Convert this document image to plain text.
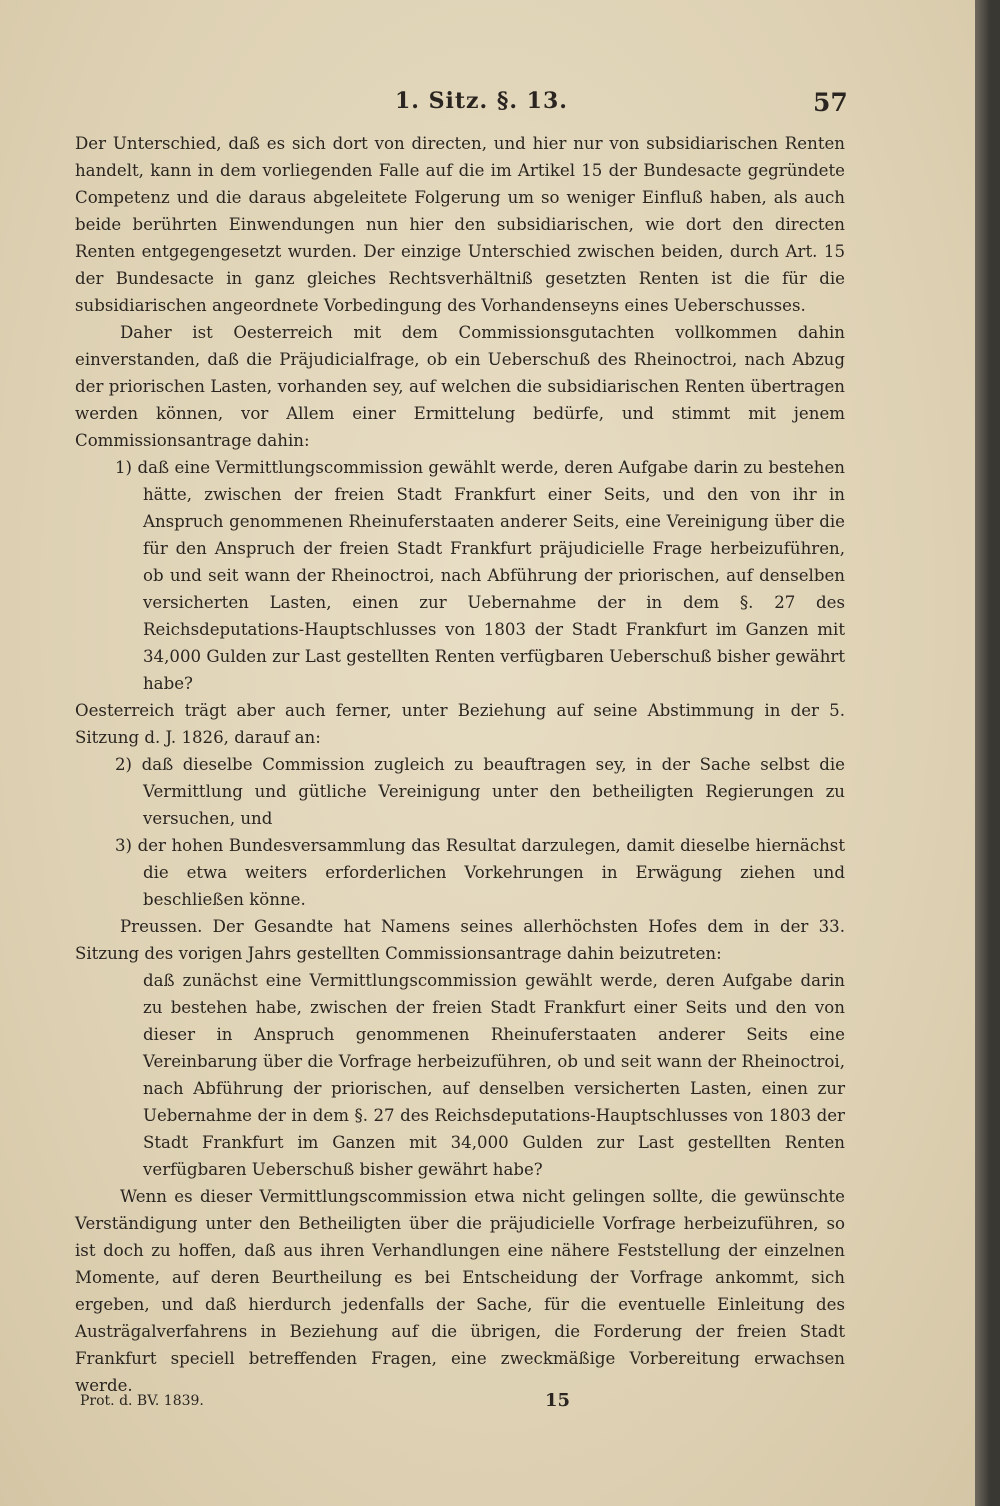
1. Sitz. §. 13.	57

Der Unterschied, daß es sich dort von directen, und hier nur von subsidiarischen Renten handelt, kann in dem vorliegenden Falle auf die im Artikel 15 der Bundesacte gegründete Competenz und die daraus abgeleitete Folgerung um so weniger Einfluß haben, als auch beide berührten Einwendungen nun hier den subsidiarischen, wie dort den directen Renten entgegengesetzt wurden. Der einzige Unterschied zwischen beiden, durch Art. 15 der Bundesacte in ganz gleiches Rechtsverhältniß gesetzten Renten ist die für die subsidiarischen angeordnete Vorbedingung des Vorhandenseyns eines Ueberschusses.

Daher ist Oesterreich mit dem Commissionsgutachten vollkommen dahin einverstanden, daß die Präjudicialfrage, ob ein Ueberschuß des Rheinoctroi, nach Abzug der priorischen Lasten, vorhanden sey, auf welchen die subsidiarischen Renten übertragen werden können, vor Allem einer Ermittelung bedürfe, und stimmt mit jenem Commissionsantrage dahin:

1) daß eine Vermittlungscommission gewählt werde, deren Aufgabe darin zu bestehen hätte, zwischen der freien Stadt Frankfurt einer Seits, und den von ihr in Anspruch genommenen Rheinuferstaaten anderer Seits, eine Vereinigung über die für den Anspruch der freien Stadt Frankfurt präjudicielle Frage herbeizuführen, ob und seit wann der Rheinoctroi, nach Abführung der priorischen, auf denselben versicherten Lasten, einen zur Uebernahme der in dem §. 27 des Reichsdeputations-Hauptschlusses von 1803 der Stadt Frankfurt im Ganzen mit 34,000 Gulden zur Last gestellten Renten verfügbaren Ueberschuß bisher gewährt habe?

Oesterreich trägt aber auch ferner, unter Beziehung auf seine Abstimmung in der 5. Sitzung d. J. 1826, darauf an:

2) daß dieselbe Commission zugleich zu beauftragen sey, in der Sache selbst die Vermittlung und gütliche Vereinigung unter den betheiligten Regierungen zu versuchen, und

3) der hohen Bundesversammlung das Resultat darzulegen, damit dieselbe hiernächst die etwa weiters erforderlichen Vorkehrungen in Erwägung ziehen und beschließen könne.

Preussen. Der Gesandte hat Namens seines allerhöchsten Hofes dem in der 33. Sitzung des vorigen Jahrs gestellten Commissionsantrage dahin beizutreten:

daß zunächst eine Vermittlungscommission gewählt werde, deren Aufgabe darin zu bestehen habe, zwischen der freien Stadt Frankfurt einer Seits und den von dieser in Anspruch genommenen Rheinuferstaaten anderer Seits eine Vereinbarung über die Vorfrage herbeizuführen, ob und seit wann der Rheinoctroi, nach Abführung der priorischen, auf denselben versicherten Lasten, einen zur Uebernahme der in dem §. 27 des Reichsdeputations-Hauptschlusses von 1803 der Stadt Frankfurt im Ganzen mit 34,000 Gulden zur Last gestellten Renten verfügbaren Ueberschuß bisher gewährt habe?

Wenn es dieser Vermittlungscommission etwa nicht gelingen sollte, die gewünschte Verständigung unter den Betheiligten über die präjudicielle Vorfrage herbeizuführen, so ist doch zu hoffen, daß aus ihren Verhandlungen eine nähere Feststellung der einzelnen Momente, auf deren Beurtheilung es bei Entscheidung der Vorfrage ankommt, sich ergeben, und daß hierdurch jedenfalls der Sache, für die eventuelle Einleitung des Austrägalverfahrens in Beziehung auf die übrigen, die Forderung der freien Stadt Frankfurt speciell betreffenden Fragen, eine zweckmäßige Vorbereitung erwachsen werde.

Prot. d. BV. 1839.	15
